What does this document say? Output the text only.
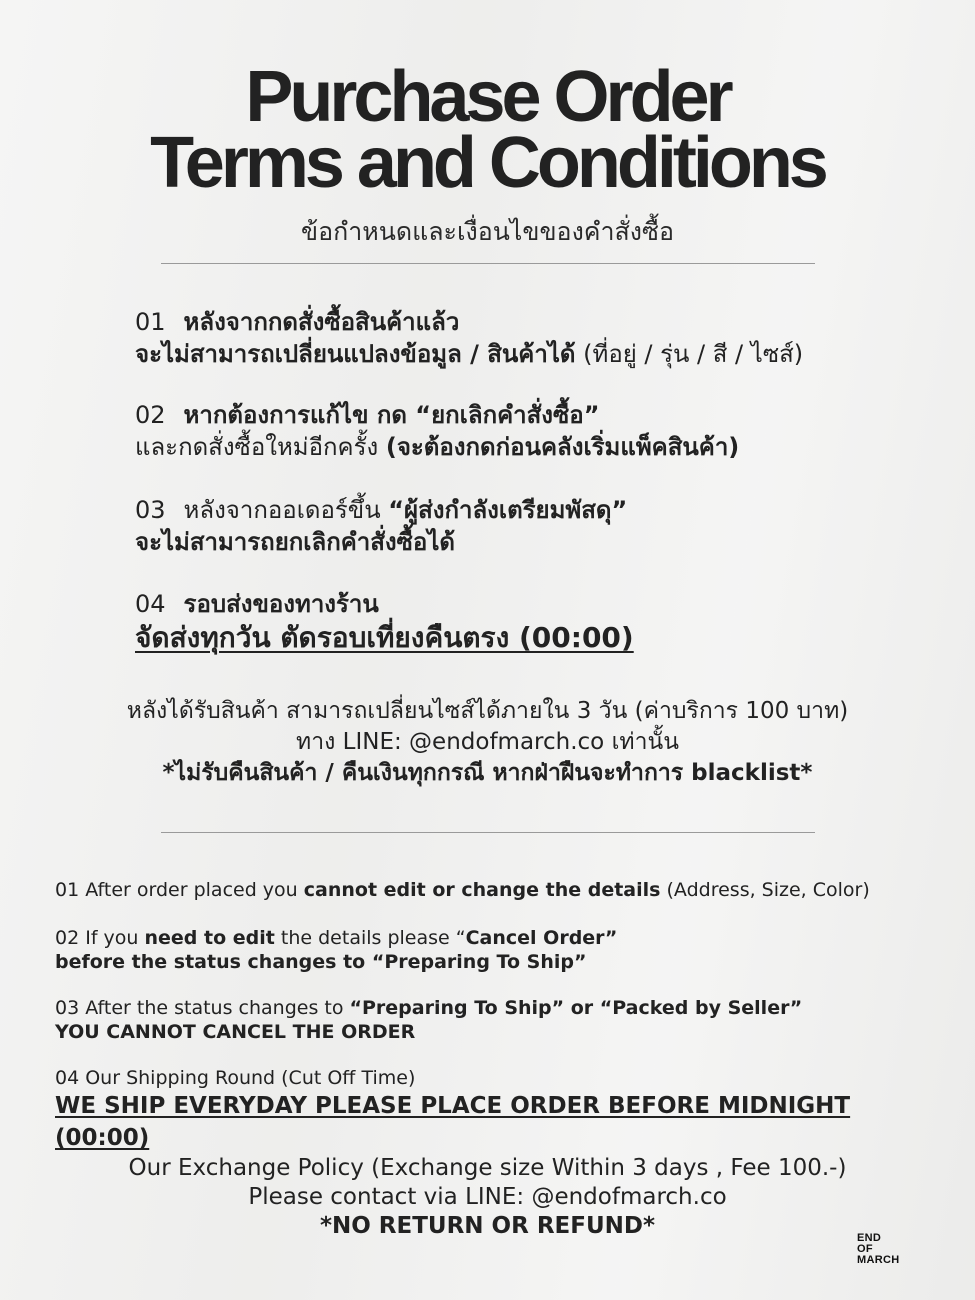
Purchase Order
Terms and Conditions
ข้อกำหนดและเงื่อนไขของคำสั่งซื้อ
01 หลังจากกดสั่งซื้อสินค้าแล้ว
จะไม่สามารถเปลี่ยนแปลงข้อมูล / สินค้าได้ (ที่อยู่ / รุ่น / สี / ไซส์)
02 หากต้องการแก้ไข กด “ยกเลิกคำสั่งซื้อ”
และกดสั่งซื้อใหม่อีกครั้ง (จะต้องกดก่อนคลังเริ่มแพ็คสินค้า)
03 หลังจากออเดอร์ขึ้น “ผู้ส่งกำลังเตรียมพัสดุ”
จะไม่สามารถยกเลิกคำสั่งซื้อได้
04 รอบส่งของทางร้าน
จัดส่งทุกวัน ตัดรอบเที่ยงคืนตรง (00:00)
หลังได้รับสินค้า สามารถเปลี่ยนไซส์ได้ภายใน 3 วัน (ค่าบริการ 100 บาท)
ทาง LINE: @endofmarch.co เท่านั้น
*ไม่รับคืนสินค้า / คืนเงินทุกกรณี หากฝ่าฝืนจะทำการ blacklist*
01 After order placed you cannot edit or change the details (Address, Size, Color)
02 If you need to edit the details please “Cancel Order”
before the status changes to “Preparing To Ship”
03 After the status changes to “Preparing To Ship” or “Packed by Seller”
YOU CANNOT CANCEL THE ORDER
04 Our Shipping Round (Cut Off Time)
WE SHIP EVERYDAY PLEASE PLACE ORDER BEFORE MIDNIGHT (00:00)
Our Exchange Policy (Exchange size Within 3 days , Fee 100.-)
Please contact via LINE: @endofmarch.co
*NO RETURN OR REFUND*	END
OF
MARCH
